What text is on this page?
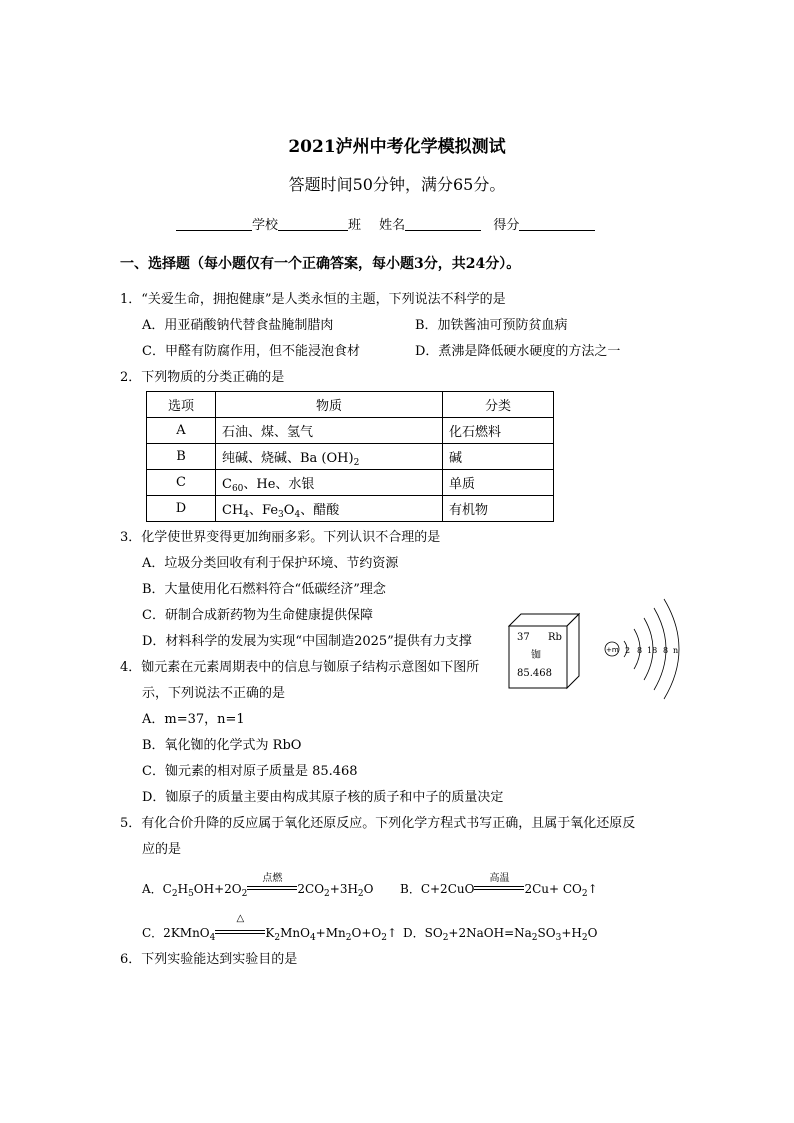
2021泸州中考化学模拟测试
答题时间50分钟，满分65分。
学校	班 姓名	得分
一、选择题（每小题仅有一个正确答案，每小题3分，共24分）。
1．“关爱生命，拥抱健康”是人类永恒的主题，下列说法不科学的是
A．用亚硝酸钠代替食盐腌制腊肉	B．加铁酱油可预防贫血病
C．甲醛有防腐作用，但不能浸泡食材	D．煮沸是降低硬水硬度的方法之一
2．下列物质的分类正确的是
选项	物质	分类
A	石油、煤、氢气	化石燃料
B	纯碱、烧碱、Ba $(OH)_2$	碱
C	$C_{60}$、He、水银	单质
D	$CH_4$、$Fe_3O_4$、醋酸	有机物
3．化学使世界变得更加绚丽多彩。下列认识不合理的是
A．垃圾分类回收有利于保护环境、节约资源
B．大量使用化石燃料符合“低碳经济”理念
C．研制合成新药物为生命健康提供保障
D．材料科学的发展为实现“中国制造2025”提供有力支撑	37 Rb
铷
85.468
+m 2 8 18 8 n
4．铷元素在元素周期表中的信息与铷原子结构示意图如下图所
示，下列说法不正确的是
A．m=37，n=1
B．氧化铷的化学式为 RbO
C．铷元素的相对原子质量是 85.468
D．铷原子的质量主要由构成其原子核的质子和中子的质量决定
5．有化合价升降的反应属于氧化还原反应。下列化学方程式书写正确，且属于氧化还原反
应的是
A．$C_2H_5OH+2O_2$
点燃
$2CO_2+3H_2O$ B．C+2CuO
高温
$2Cu+ CO_2↑$
C．2KMnO$_4$
△
$K_2MnO_4+Mn_2O+O_2↑$ D．$SO_2+2NaOH=Na_2SO_3+H_2O$
6．下列实验能达到实验目的是
